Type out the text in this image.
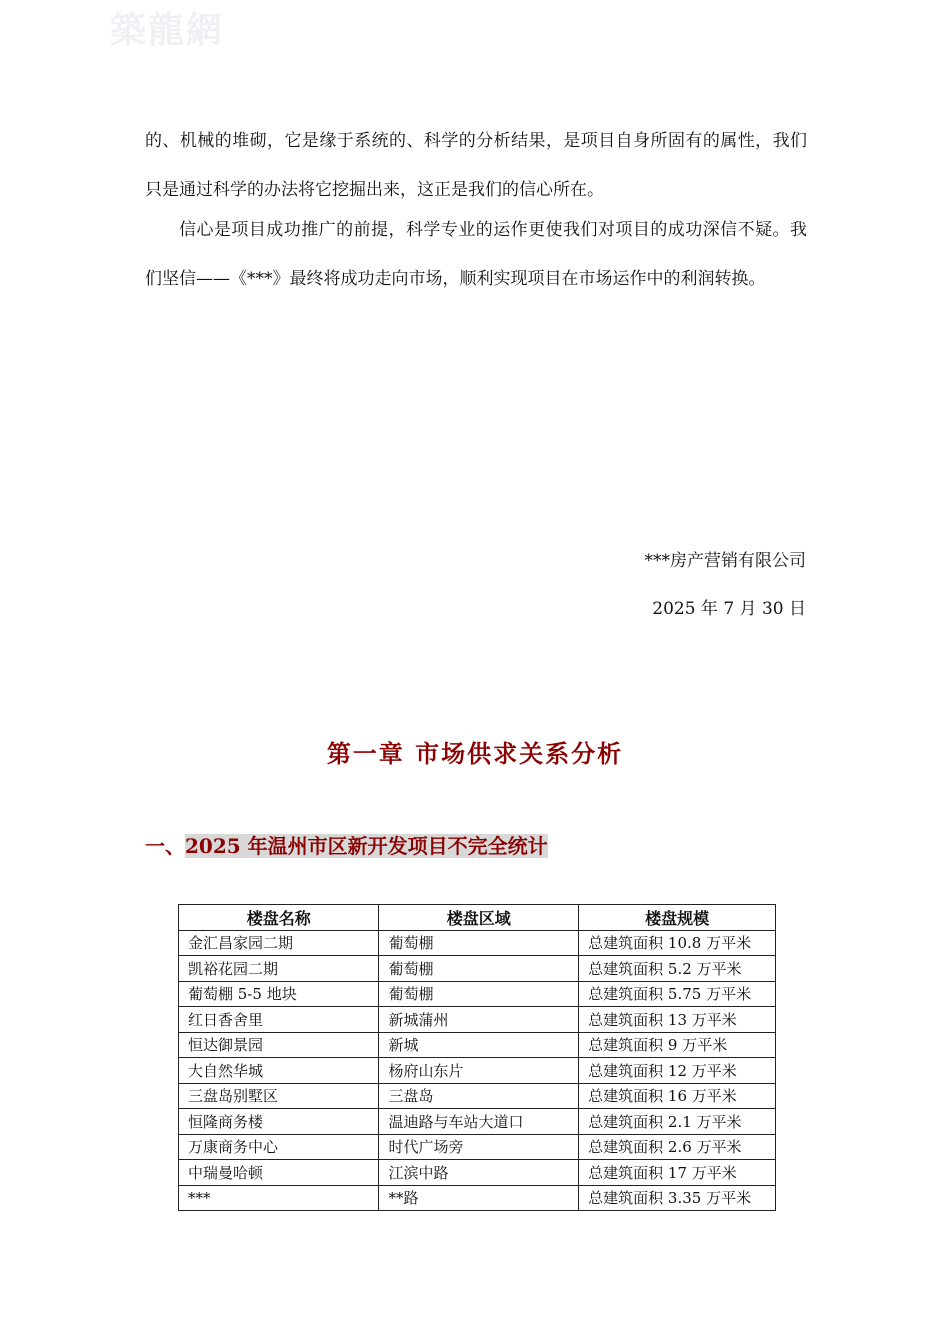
築龍網

的、机械的堆砌，它是缘于系统的、科学的分析结果，是项目自身所固有的属性，我们只是通过科学的办法将它挖掘出来，这正是我们的信心所在。

信心是项目成功推广的前提，科学专业的运作更使我们对项目的成功深信不疑。我们坚信——《***》最终将成功走向市场，顺利实现项目在市场运作中的利润转换。

***房产营销有限公司
2025 年 7 月 30 日
第一章 市场供求关系分析
一、2025 年温州市区新开发项目不完全统计
楼盘名称	楼盘区域	楼盘规模
金汇昌家园二期	葡萄棚	总建筑面积 10.8 万平米
凯裕花园二期	葡萄棚	总建筑面积 5.2 万平米
葡萄棚 5-5 地块	葡萄棚	总建筑面积 5.75 万平米
红日香舍里	新城蒲州	总建筑面积 13 万平米
恒达御景园	新城	总建筑面积 9 万平米
大自然华城	杨府山东片	总建筑面积 12 万平米
三盘岛别墅区	三盘岛	总建筑面积 16 万平米
恒隆商务楼	温迪路与车站大道口	总建筑面积 2.1 万平米
万康商务中心	时代广场旁	总建筑面积 2.6 万平米
中瑞曼哈顿	江滨中路	总建筑面积 17 万平米
***	**路	总建筑面积 3.35 万平米
